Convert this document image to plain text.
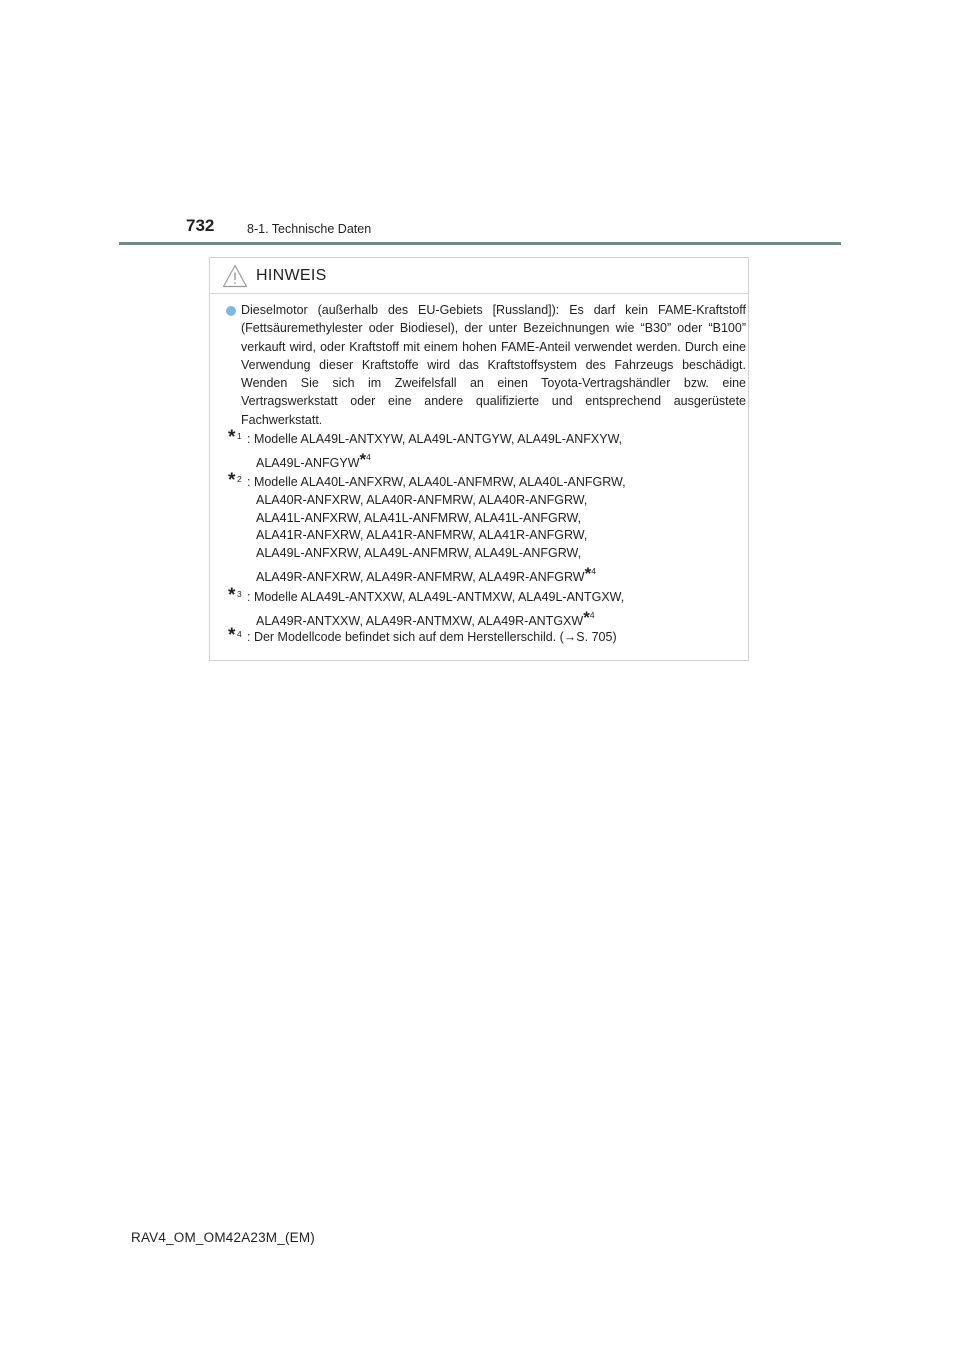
732	8-1. Technische Daten
HINWEIS
Dieselmotor (außerhalb des EU-Gebiets [Russland]): Es darf kein FAME-Kraftstoff (Fettsäuremethylester oder Biodiesel), der unter Bezeichnungen wie “B30” oder “B100” verkauft wird, oder Kraftstoff mit einem hohen FAME-Anteil verwendet werden. Durch eine Verwendung dieser Kraftstoffe wird das Kraftstoffsystem des Fahrzeugs beschädigt. Wenden Sie sich im Zweifelsfall an einen Toyota-Vertragshändler bzw. eine Vertragswerkstatt oder eine andere qualifizierte und entsprechend ausgerüstete Fachwerkstatt.
* 1 : Modelle ALA49L-ANTXYW, ALA49L-ANTGYW, ALA49L-ANFXYW,
ALA49L-ANFGYW*$^4$
* 2 : Modelle ALA40L-ANFXRW, ALA40L-ANFMRW, ALA40L-ANFGRW,
ALA40R-ANFXRW, ALA40R-ANFMRW, ALA40R-ANFGRW,
ALA41L-ANFXRW, ALA41L-ANFMRW, ALA41L-ANFGRW,
ALA41R-ANFXRW, ALA41R-ANFMRW, ALA41R-ANFGRW,
ALA49L-ANFXRW, ALA49L-ANFMRW, ALA49L-ANFGRW,
ALA49R-ANFXRW, ALA49R-ANFMRW, ALA49R-ANFGRW*$^4$
* 3 : Modelle ALA49L-ANTXXW, ALA49L-ANTMXW, ALA49L-ANTGXW,
ALA49R-ANTXXW, ALA49R-ANTMXW, ALA49R-ANTGXW*$^4$
* 4 : Der Modellcode befindet sich auf dem Herstellerschild. (→S. 705)
RAV4_OM_OM42A23M_(EM)
